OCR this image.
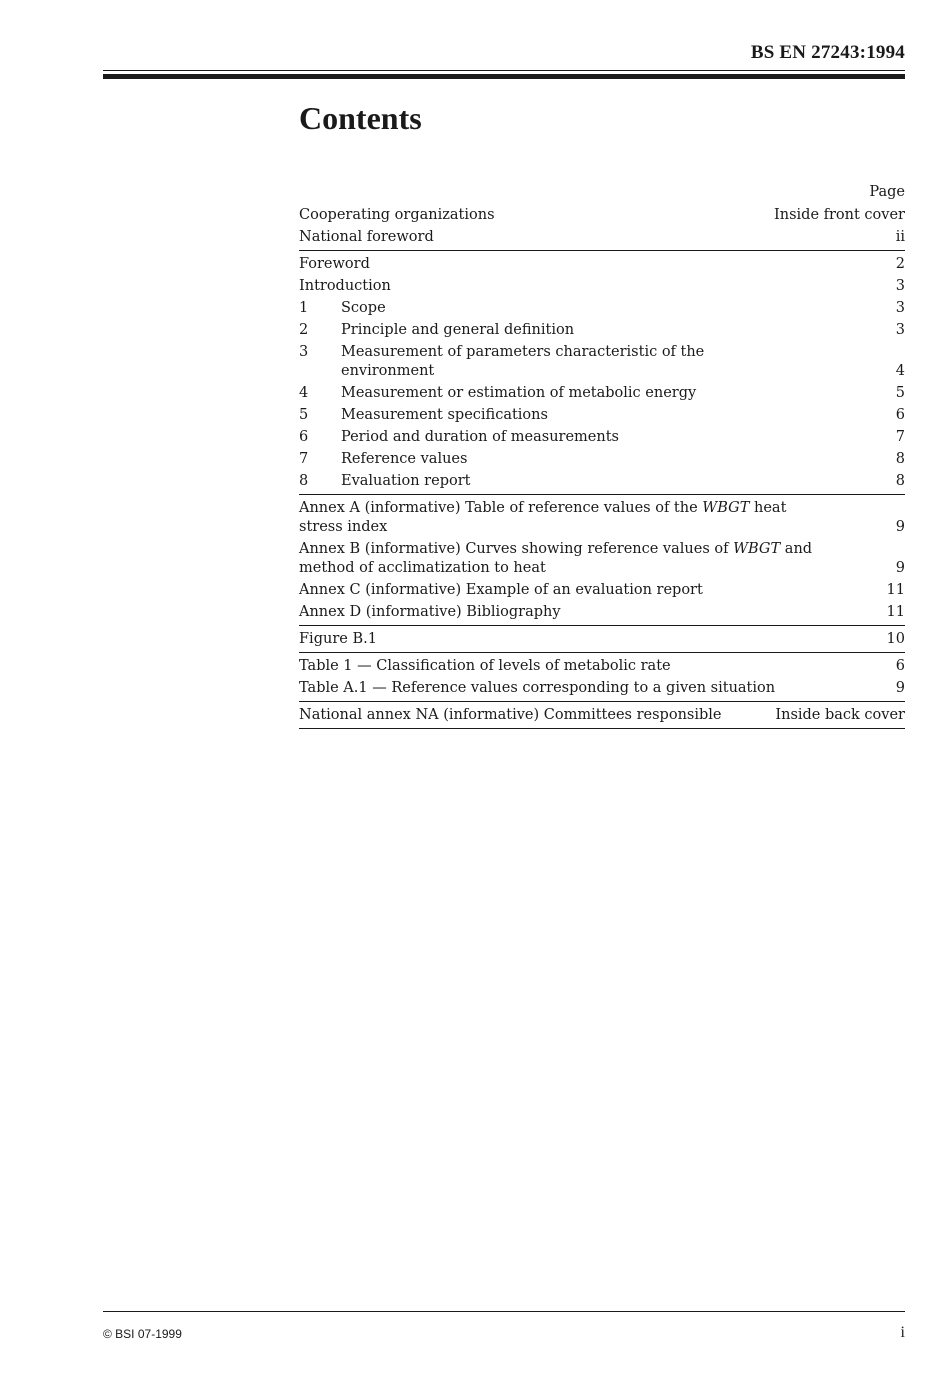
BS EN 27243:1994
Contents
Page
Cooperating organizations	Inside front cover
National foreword	ii
Foreword	2
Introduction	3
1	Scope	3
2	Principle and general definition	3
3	Measurement of parameters characteristic of the
environment	4
4	Measurement or estimation of metabolic energy	5
5	Measurement specifications	6
6	Period and duration of measurements	7
7	Reference values	8
8	Evaluation report	8
Annex A (informative) Table of reference values of the WBGT heat
stress index	9
Annex B (informative) Curves showing reference values of WBGT and
method of acclimatization to heat	9
Annex C (informative) Example of an evaluation report	11
Annex D (informative) Bibliography	11
Figure B.1	10
Table 1 — Classification of levels of metabolic rate	6
Table A.1 — Reference values corresponding to a given situation	9
National annex NA (informative) Committees responsible	Inside back cover
© BSI 07-1999	i
